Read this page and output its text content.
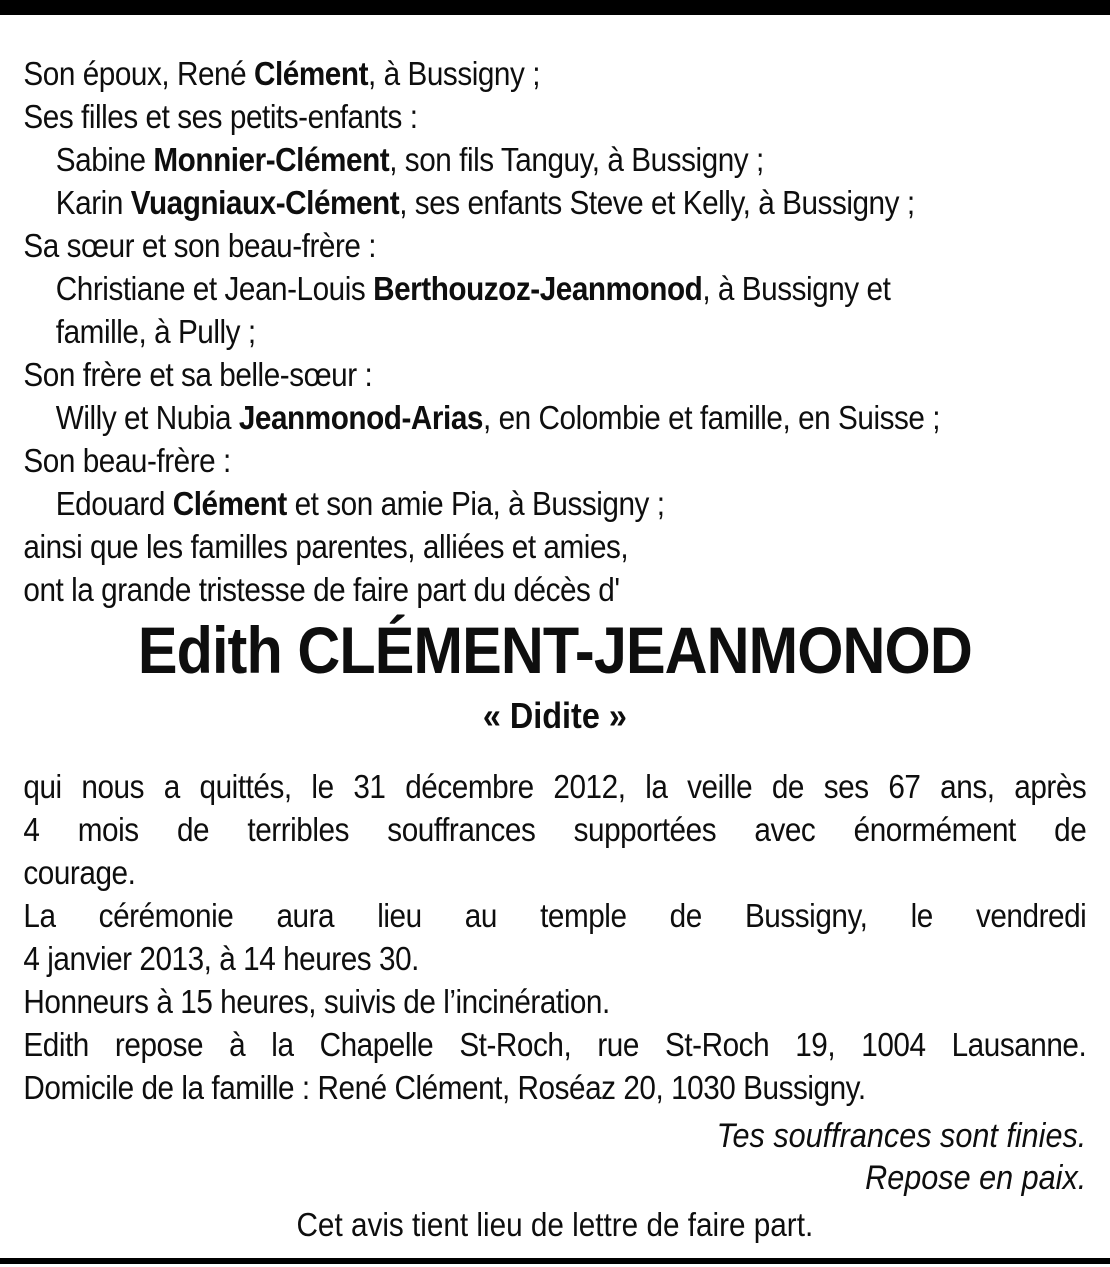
Son époux, René Clément, à Bussigny ;
Ses filles et ses petits-enfants :
Sabine Monnier-Clément, son fils Tanguy, à Bussigny ;
Karin Vuagniaux-Clément, ses enfants Steve et Kelly, à Bussigny ;
Sa sœur et son beau-frère :
Christiane et Jean-Louis Berthouzoz-Jeanmonod, à Bussigny et
famille, à Pully ;
Son frère et sa belle-sœur :
Willy et Nubia Jeanmonod-Arias, en Colombie et famille, en Suisse ;
Son beau-frère :
Edouard Clément et son amie Pia, à Bussigny ;
ainsi que les familles parentes, alliées et amies,
ont la grande tristesse de faire part du décès d'
Edith CLÉMENT-JEANMONOD
« Didite »
qui nous a quittés, le 31 décembre 2012, la veille de ses 67 ans, après
4 mois de terribles souffrances supportées avec énormément de
courage.
La cérémonie aura lieu au temple de Bussigny, le vendredi
4 janvier 2013, à 14 heures 30.
Honneurs à 15 heures, suivis de l’incinération.
Edith repose à la Chapelle St-Roch, rue St-Roch 19, 1004 Lausanne.
Domicile de la famille : René Clément, Roséaz 20, 1030 Bussigny.
Tes souffrances sont finies.
Repose en paix.
Cet avis tient lieu de lettre de faire part.
